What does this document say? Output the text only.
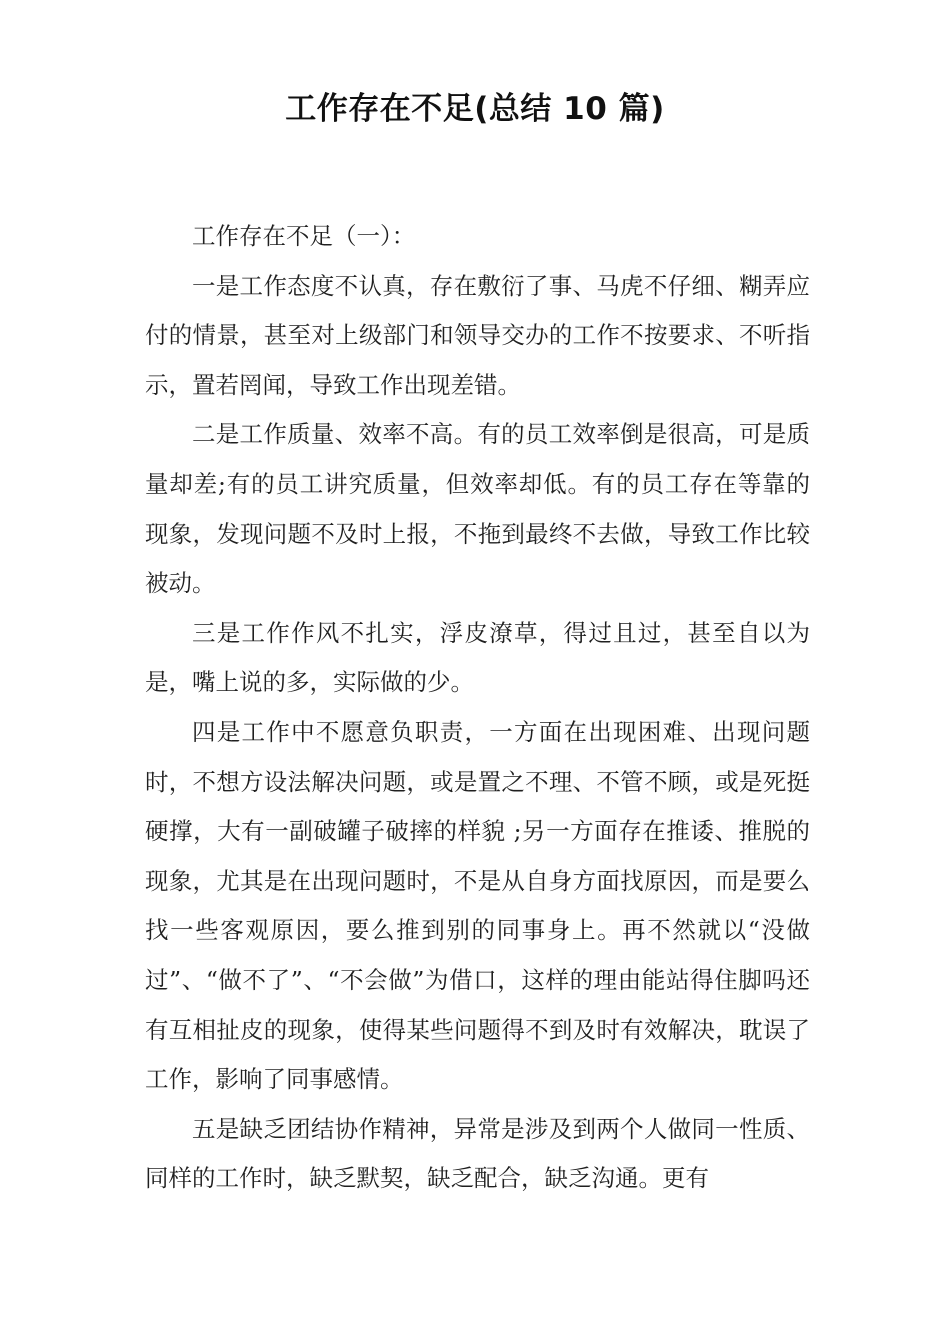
工作存在不足(总结 10 篇)

工作存在不足（一）：

一是工作态度不认真，存在敷衍了事、马虎不仔细、糊弄应付的情景，甚至对上级部门和领导交办的工作不按要求、不听指示，置若罔闻，导致工作出现差错。

二是工作质量、效率不高。有的员工效率倒是很高，可是质量却差;有的员工讲究质量，但效率却低。有的员工存在等靠的现象，发现问题不及时上报，不拖到最终不去做，导致工作比较被动。

三是工作作风不扎实，浮皮潦草，得过且过，甚至自以为是，嘴上说的多，实际做的少。

四是工作中不愿意负职责，一方面在出现困难、出现问题时，不想方设法解决问题，或是置之不理、不管不顾，或是死挺硬撑，大有一副破罐子破摔的样貌 ;另一方面存在推诿、推脱的现象，尤其是在出现问题时，不是从自身方面找原因，而是要么找一些客观原因，要么推到别的同事身上。再不然就以“没做过”、“做不了”、“不会做”为借口，这样的理由能站得住脚吗还有互相扯皮的现象，使得某些问题得不到及时有效解决，耽误了工作，影响了同事感情。

五是缺乏团结协作精神，异常是涉及到两个人做同一性质、同样的工作时，缺乏默契，缺乏配合，缺乏沟通。更有
